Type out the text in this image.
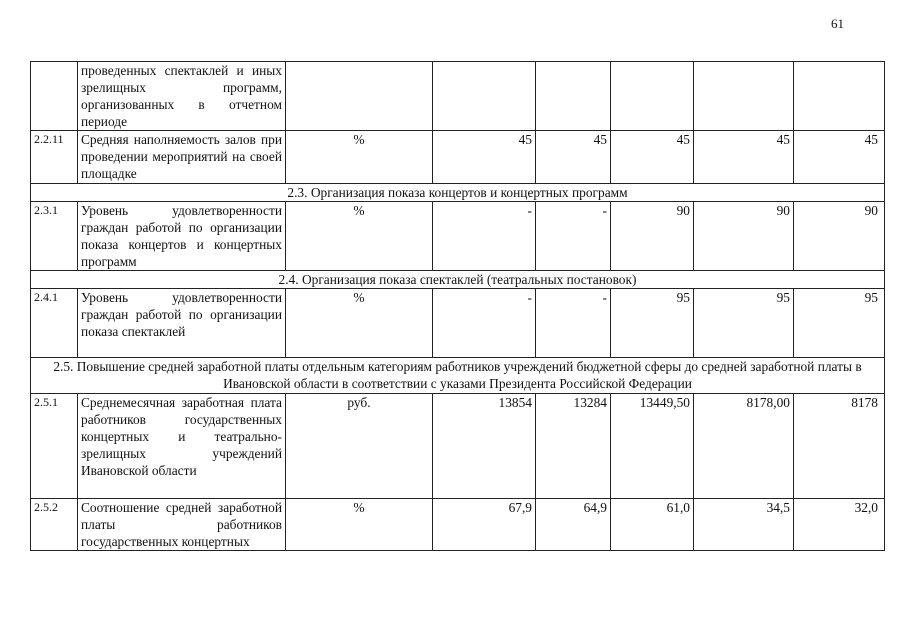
61
	проведенных спектаклей и иных зрелищных программ, организованных в отчетном периоде						
2.2.11	Средняя наполняемость залов при проведении мероприятий на своей площадке	%	45	45	45	45	45
2.3. Организация показа концертов и концертных программ							
2.3.1	Уровень удовлетворенности граждан работой по организации показа концертов и концертных программ	%	-	-	90	90	90
2.4. Организация показа спектаклей (театральных постановок)							
2.4.1	Уровень удовлетворенности граждан работой по организации показа спектаклей	%	-	-	95	95	95
2.5. Повышение средней заработной платы отдельным категориям работников учреждений бюджетной сферы до средней заработной платы в Ивановской области в соответствии с указами Президента Российской Федерации							
2.5.1	Среднемесячная заработная плата работников государственных концертных и театрально-зрелищных учреждений Ивановской области	руб.	13854	13284	13449,50	8178,00	8178
2.5.2	Соотношение средней заработной платы работников государственных концертных	%	67,9	64,9	61,0	34,5	32,0
